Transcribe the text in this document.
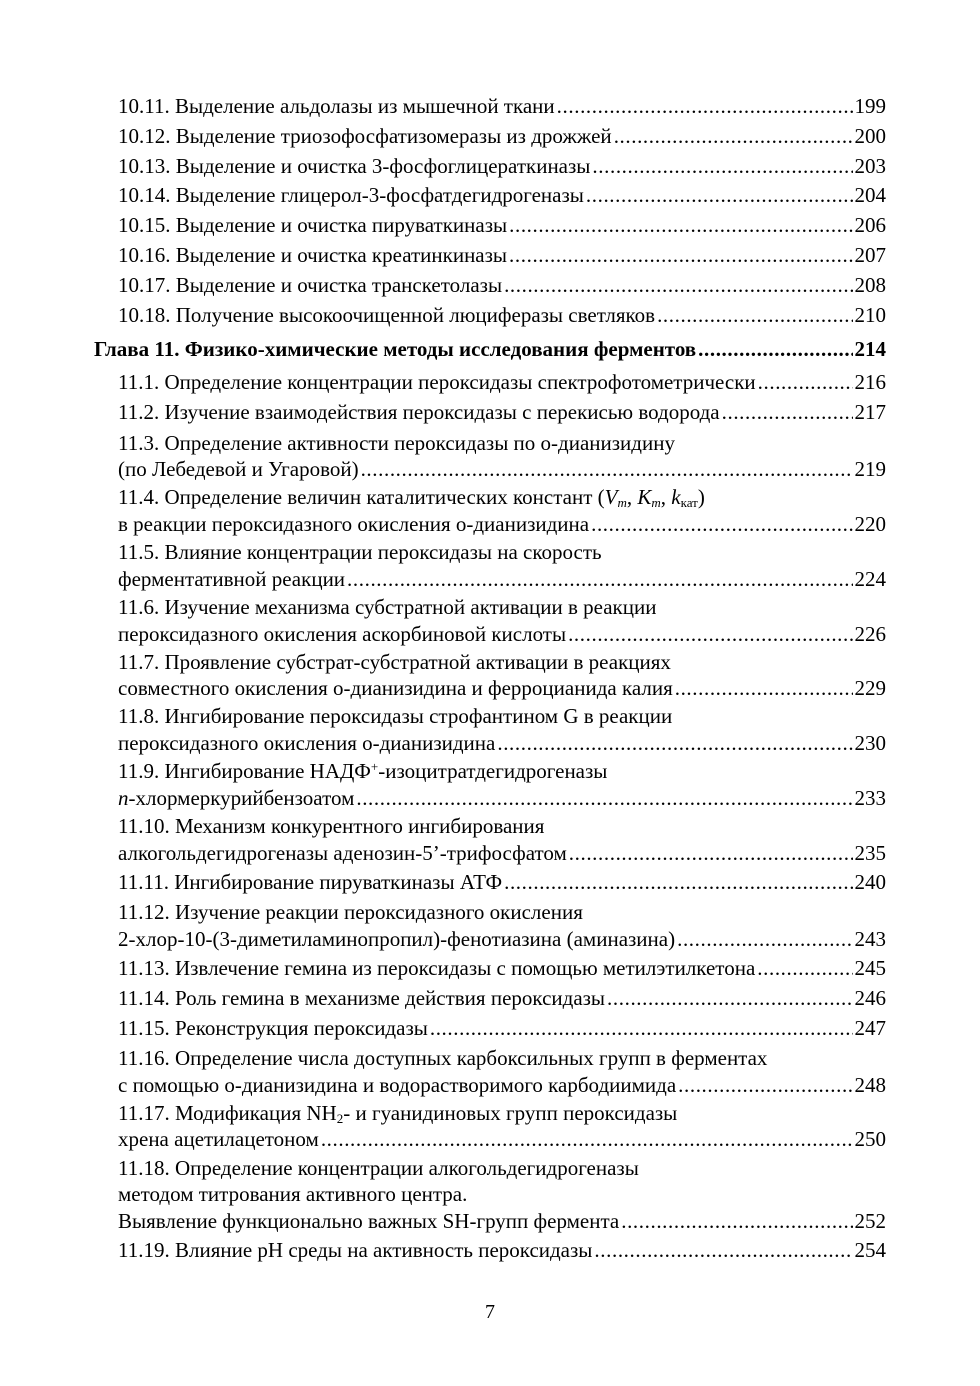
10.11. Выделение альдолазы из мышечной ткани .....	199
10.12. Выделение триозофосфатизомеразы из дрожжей .....	200
10.13. Выделение и очистка 3-фосфоглицераткиназы .....	203
10.14. Выделение глицерол-3-фосфатдегидрогеназы .....	204
10.15. Выделение и очистка пируваткиназы .....	206
10.16. Выделение и очистка креатинкиназы .....	207
10.17. Выделение и очистка транскетолазы .....	208
10.18. Получение высокоочищенной люциферазы светляков .....	210
Глава 11. Физико-химические методы исследования ферментов .....	214
11.1. Определение концентрации пероксидазы спектрофотометрически .....	216
11.2. Изучение взаимодействия пероксидазы с перекисью водорода .....	217
11.3. Определение активности пероксидазы по о-дианизидину
(по Лебедевой и Угаровой) .....	219
11.4. Определение величин каталитических констант ($V_m$, $K_m$, $k_{кат}$)
в реакции пероксидазного окисления о-дианизидина .....	220
11.5. Влияние концентрации пероксидазы на скорость
ферментативной реакции .....	224
11.6. Изучение механизма субстратной активации в реакции
пероксидазного окисления аскорбиновой кислоты .....	226
11.7. Проявление субстрат-субстратной активации в реакциях
совместного окисления о-дианизидина и ферроцианида калия .....	229
11.8. Ингибирование пероксидазы строфантином G в реакции
пероксидазного окисления о-дианизидина .....	230
11.9. Ингибирование НАДФ+-изоцитратдегидрогеназы
n-хлормеркурийбензоатом .....	233
11.10. Механизм конкурентного ингибирования
алкогольдегидрогеназы аденозин-5’-трифосфатом .....	235
11.11. Ингибирование пируваткиназы АТФ .....	240
11.12. Изучение реакции пероксидазного окисления
2-хлор-10-(3-диметиламинопропил)-фенотиазина (аминазина) .....	243
11.13. Извлечение гемина из пероксидазы с помощью метилэтилкетона .....	245
11.14. Роль гемина в механизме действия пероксидазы .....	246
11.15. Реконструкция пероксидазы .....	247
11.16. Определение числа доступных карбоксильных групп в ферментах
с помощью о-дианизидина и водорастворимого карбодиимида .....	248
11.17. Модификация $NH_2-$ и гуанидиновых групп пероксидазы
хрена ацетилацетоном .....	250
11.18. Определение концентрации алкогольдегидрогеназы
методом титрования активного центра.
Выявление функционально важных SH-групп фермента .....	252
11.19. Влияние pH среды на активность пероксидазы .....	254
7
